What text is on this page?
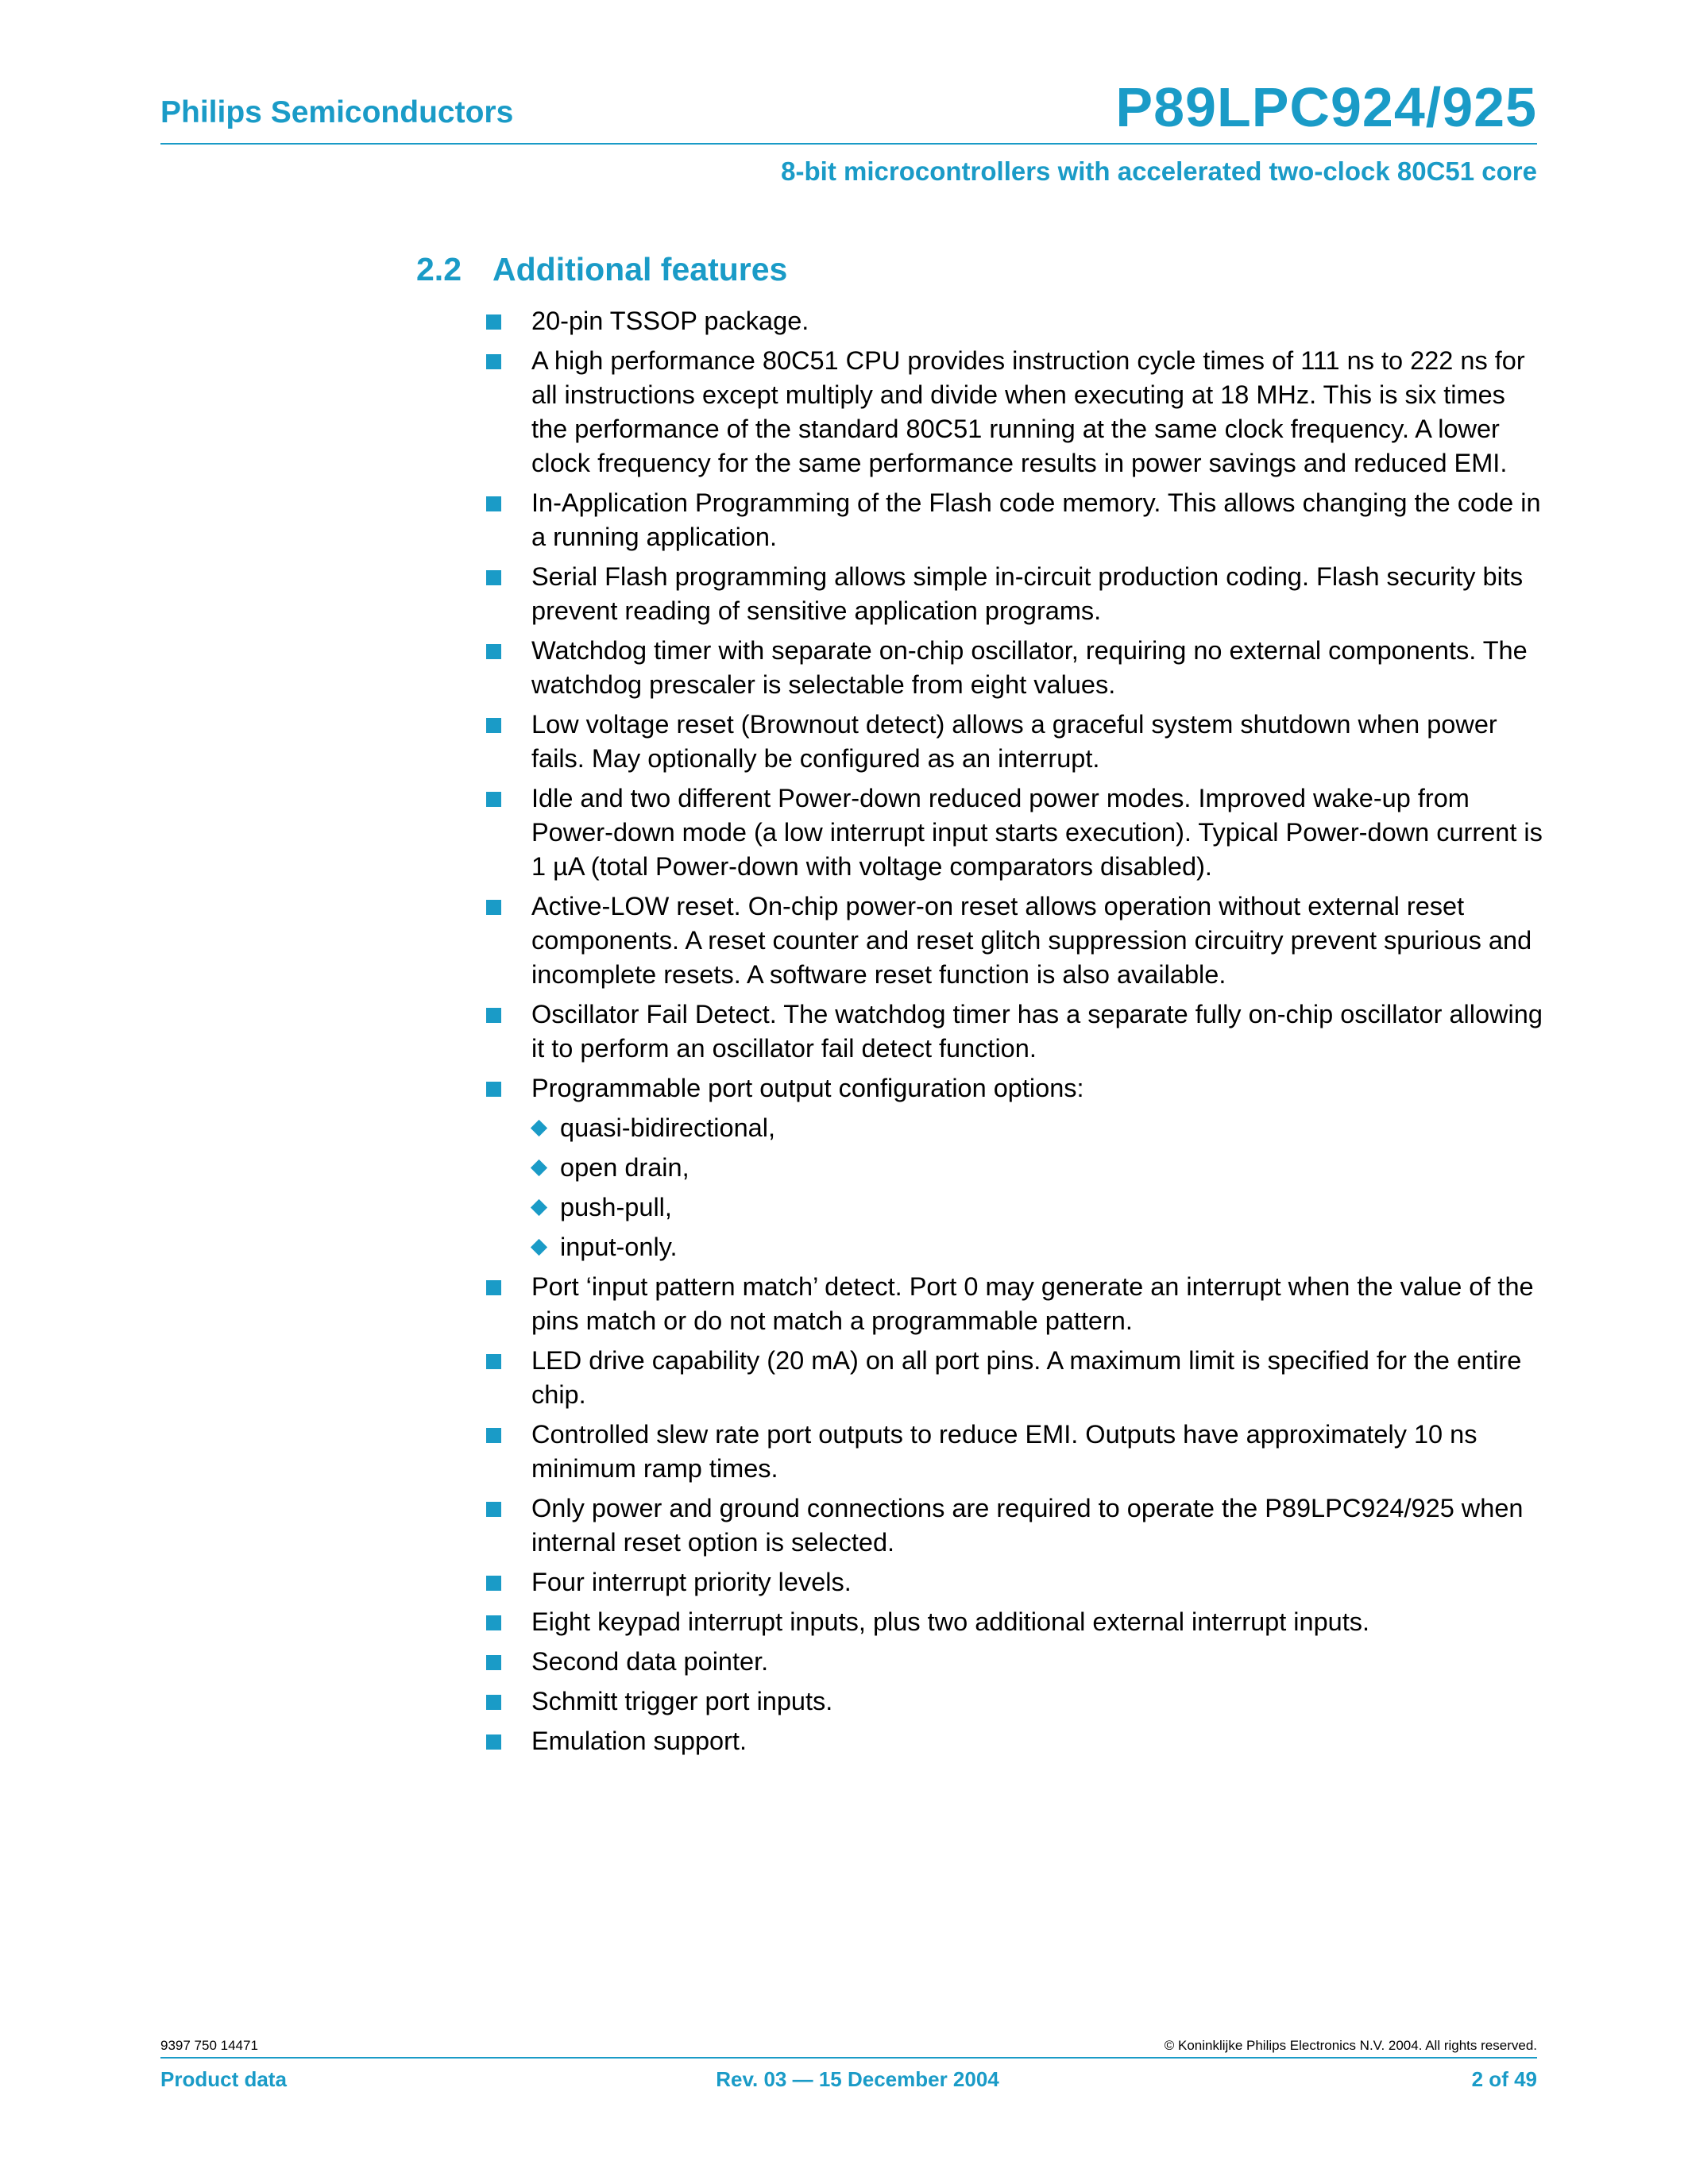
Philips Semiconductors	P89LPC924/925
8-bit microcontrollers with accelerated two-clock 80C51 core
2.2 Additional features
20-pin TSSOP package.
A high performance 80C51 CPU provides instruction cycle times of 111 ns to 222 ns for all instructions except multiply and divide when executing at 18 MHz. This is six times the performance of the standard 80C51 running at the same clock frequency. A lower clock frequency for the same performance results in power savings and reduced EMI.
In-Application Programming of the Flash code memory. This allows changing the code in a running application.
Serial Flash programming allows simple in-circuit production coding. Flash security bits prevent reading of sensitive application programs.
Watchdog timer with separate on-chip oscillator, requiring no external components. The watchdog prescaler is selectable from eight values.
Low voltage reset (Brownout detect) allows a graceful system shutdown when power fails. May optionally be configured as an interrupt.
Idle and two different Power-down reduced power modes. Improved wake-up from Power-down mode (a low interrupt input starts execution). Typical Power-down current is 1 µA (total Power-down with voltage comparators disabled).
Active-LOW reset. On-chip power-on reset allows operation without external reset components. A reset counter and reset glitch suppression circuitry prevent spurious and incomplete resets. A software reset function is also available.
Oscillator Fail Detect. The watchdog timer has a separate fully on-chip oscillator allowing it to perform an oscillator fail detect function.
Programmable port output configuration options:
quasi-bidirectional,
open drain,
push-pull,
input-only.
Port ‘input pattern match’ detect. Port 0 may generate an interrupt when the value of the pins match or do not match a programmable pattern.
LED drive capability (20 mA) on all port pins. A maximum limit is specified for the entire chip.
Controlled slew rate port outputs to reduce EMI. Outputs have approximately 10 ns minimum ramp times.
Only power and ground connections are required to operate the P89LPC924/925 when internal reset option is selected.
Four interrupt priority levels.
Eight keypad interrupt inputs, plus two additional external interrupt inputs.
Second data pointer.
Schmitt trigger port inputs.
Emulation support.
9397 750 14471	© Koninklijke Philips Electronics N.V. 2004. All rights reserved.
Product data	Rev. 03 — 15 December 2004	2 of 49
